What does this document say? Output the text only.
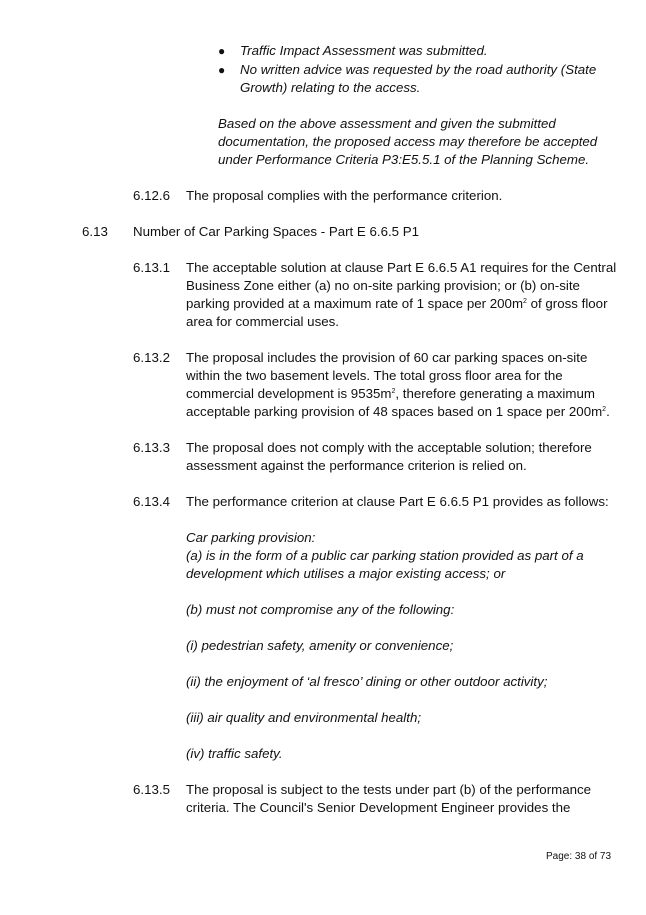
● Traffic Impact Assessment was submitted.
● No written advice was requested by the road authority (State
Growth) relating to the access.
Based on the above assessment and given the submitted
documentation, the proposed access may therefore be accepted
under Performance Criteria P3:E5.5.1 of the Planning Scheme.
6.12.6 The proposal complies with the performance criterion.
6.13 Number of Car Parking Spaces - Part E 6.6.5 P1
6.13.1 The acceptable solution at clause Part E 6.6.5 A1 requires for the Central
Business Zone either (a) no on-site parking provision; or (b) on-site
parking provided at a maximum rate of 1 space per $200m^2$ of gross floor
area for commercial uses.
6.13.2 The proposal includes the provision of 60 car parking spaces on-site
within the two basement levels. The total gross floor area for the
commercial development is $9535m^2$, therefore generating a maximum
acceptable parking provision of 48 spaces based on 1 space per $200m^2$.
6.13.3 The proposal does not comply with the acceptable solution; therefore
assessment against the performance criterion is relied on.
6.13.4 The performance criterion at clause Part E 6.6.5 P1 provides as follows:
Car parking provision:
(a) is in the form of a public car parking station provided as part of a
development which utilises a major existing access; or
(b) must not compromise any of the following:
(i) pedestrian safety, amenity or convenience;
(ii) the enjoyment of ‘al fresco’ dining or other outdoor activity;
(iii) air quality and environmental health;
(iv) traffic safety.
6.13.5 The proposal is subject to the tests under part (b) of the performance
criteria. The Council's Senior Development Engineer provides the
Page: 38 of 73
